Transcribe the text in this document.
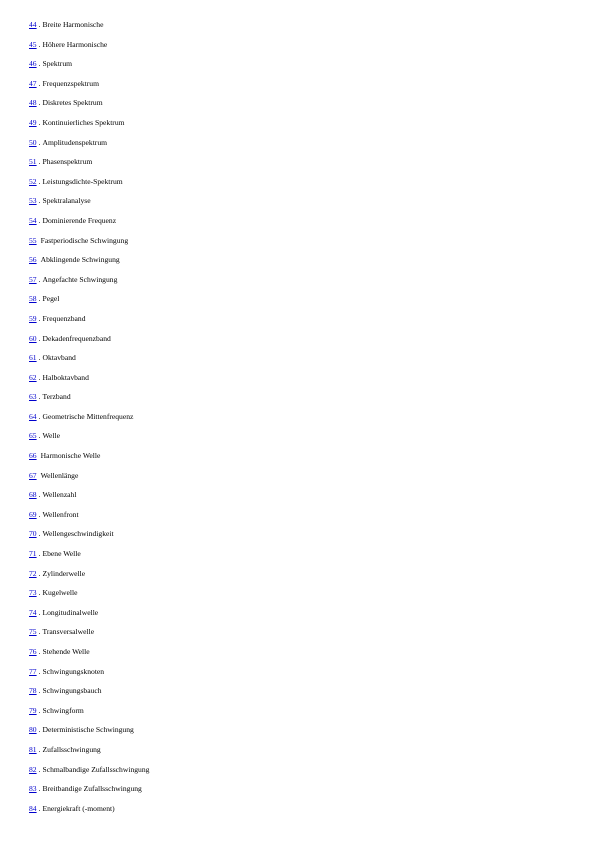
44 . Breite Harmonische
45 . Höhere Harmonische
46 . Spektrum
47 . Frequenzspektrum
48 . Diskretes Spektrum
49 . Kontinuierliches Spektrum
50 . Amplitudenspektrum
51 . Phasenspektrum
52 . Leistungsdichte-Spektrum
53 . Spektralanalyse
54 . Dominierende Frequenz
55 Fastperiodische Schwingung
56 Abklingende Schwingung
57 . Angefachte Schwingung
58 . Pegel
59 . Frequenzband
60 . Dekadenfrequenzband
61 . Oktavband
62 . Halboktavband
63 . Terzband
64 . Geometrische Mittenfrequenz
65 . Welle
66 Harmonische Welle
67 Wellenlänge
68 . Wellenzahl
69 . Wellenfront
70 . Wellengeschwindigkeit
71 . Ebene Welle
72 . Zylinderwelle
73 . Kugelwelle
74 . Longitudinalwelle
75 . Transversalwelle
76 . Stehende Welle
77 . Schwingungsknoten
78 . Schwingungsbauch
79 . Schwingform
80 . Deterministische Schwingung
81 . Zufallsschwingung
82 . Schmalbandige Zufallsschwingung
83 . Breitbandige Zufallsschwingung
84 . Energiekraft (-moment)
